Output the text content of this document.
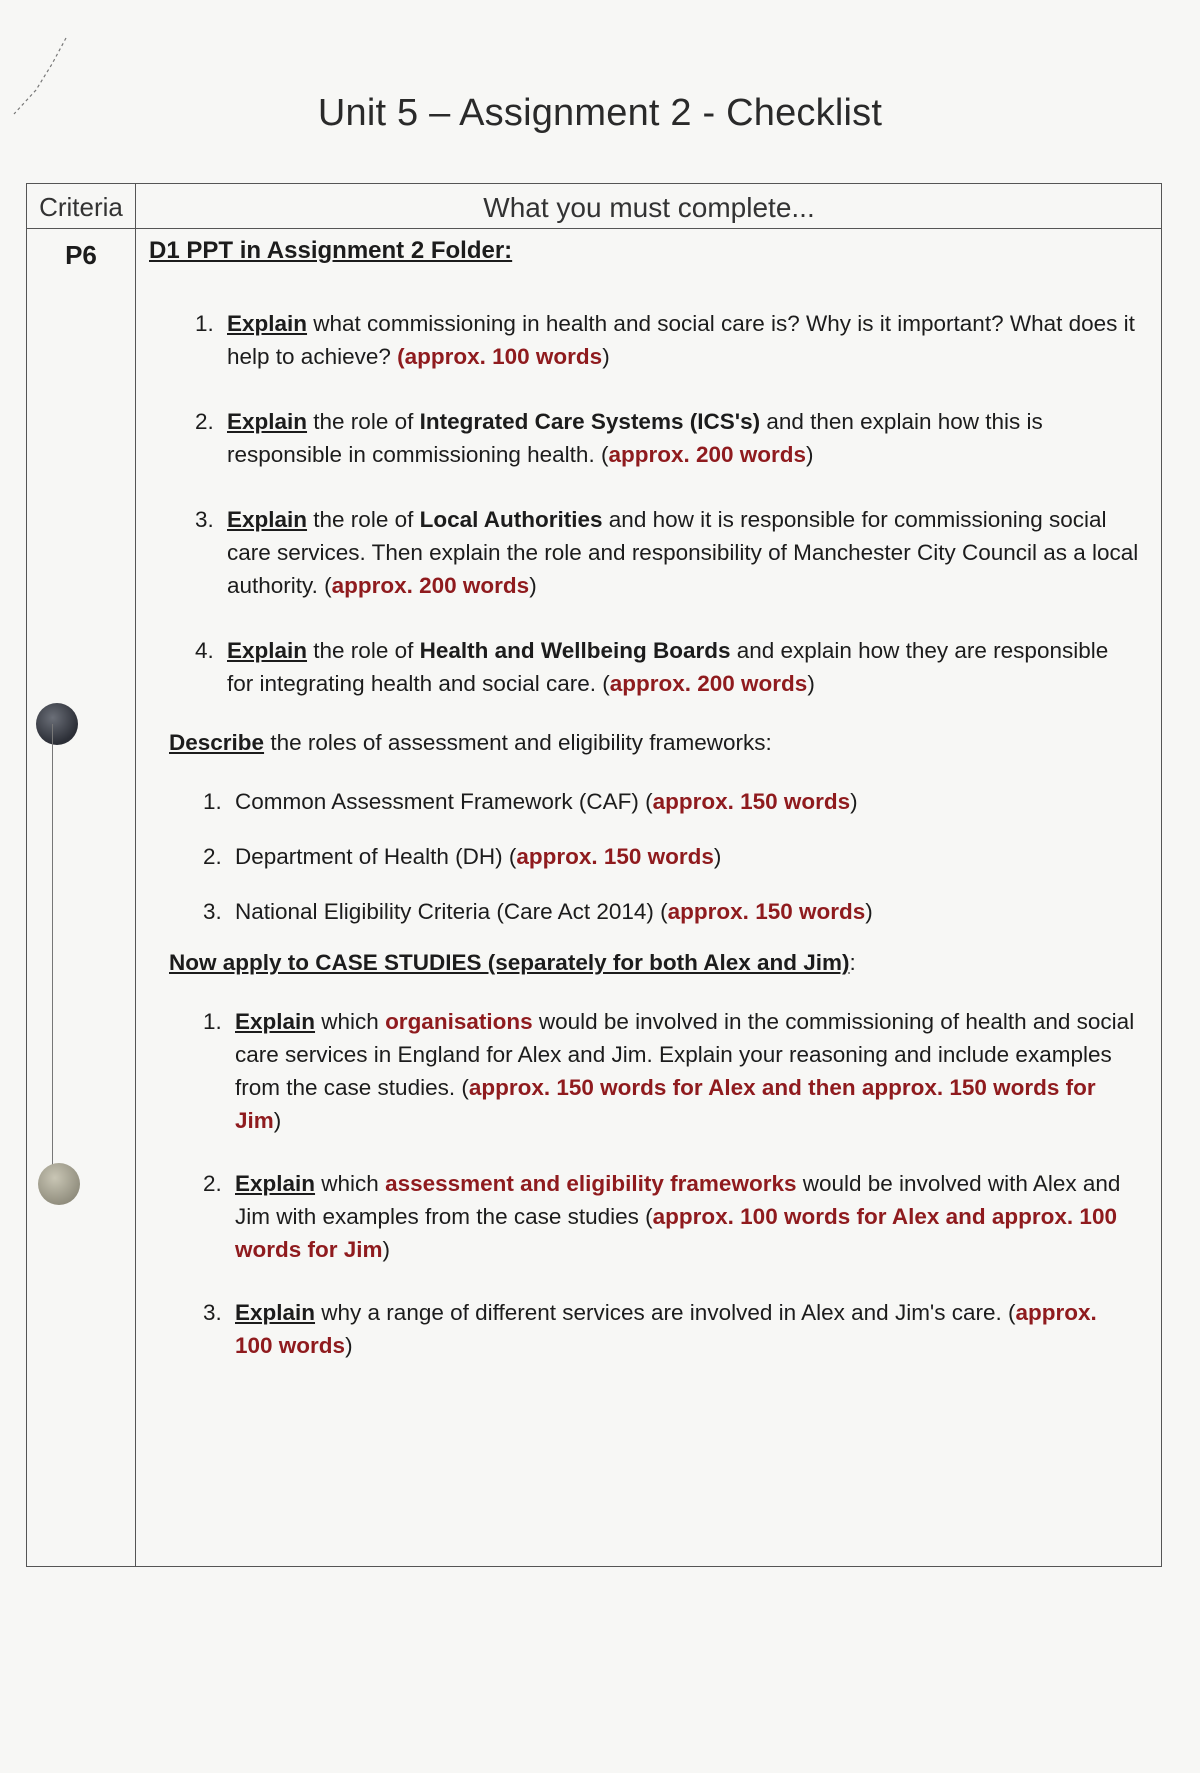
Unit 5 – Assignment 2 - Checklist
Criteria	What you must complete...
P6	D1 PPT in Assignment 2 Folder:
1. Explain what commissioning in health and social care is? Why is it important? What does it help to achieve? (approx. 100 words)
2. Explain the role of Integrated Care Systems (ICS's) and then explain how this is responsible in commissioning health. (approx. 200 words)
3. Explain the role of Local Authorities and how it is responsible for commissioning social care services. Then explain the role and responsibility of Manchester City Council as a local authority. (approx. 200 words)
4. Explain the role of Health and Wellbeing Boards and explain how they are responsible for integrating health and social care. (approx. 200 words)
Describe the roles of assessment and eligibility frameworks:
1. Common Assessment Framework (CAF) (approx. 150 words)
2. Department of Health (DH) (approx. 150 words)
3. National Eligibility Criteria (Care Act 2014) (approx. 150 words)
Now apply to CASE STUDIES (separately for both Alex and Jim):
1. Explain which organisations would be involved in the commissioning of health and social care services in England for Alex and Jim. Explain your reasoning and include examples from the case studies. (approx. 150 words for Alex and then approx. 150 words for Jim)
2. Explain which assessment and eligibility frameworks would be involved with Alex and Jim with examples from the case studies (approx. 100 words for Alex and approx. 100 words for Jim)
3. Explain why a range of different services are involved in Alex and Jim's care. (approx. 100 words)
